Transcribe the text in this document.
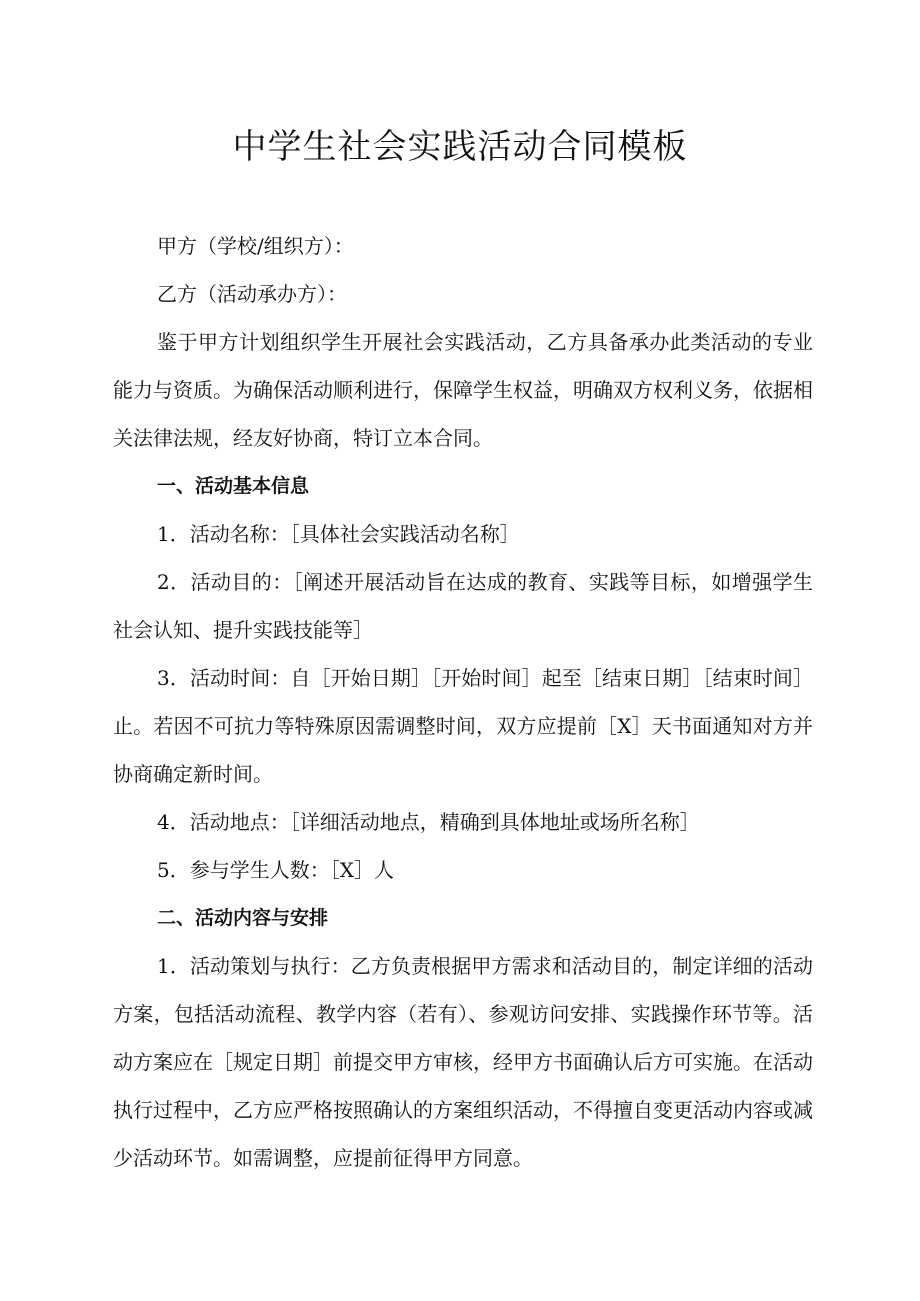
中学生社会实践活动合同模板

甲方（学校/组织方）：

乙方（活动承办方）：

鉴于甲方计划组织学生开展社会实践活动，乙方具备承办此类活动的专业能力与资质。为确保活动顺利进行，保障学生权益，明确双方权利义务，依据相关法律法规，经友好协商，特订立本合同。

一、活动基本信息

1．活动名称：［具体社会实践活动名称］

2．活动目的：［阐述开展活动旨在达成的教育、实践等目标，如增强学生社会认知、提升实践技能等］

3．活动时间：自［开始日期］［开始时间］起至［结束日期］［结束时间］止。若因不可抗力等特殊原因需调整时间，双方应提前［X］天书面通知对方并协商确定新时间。

4．活动地点：［详细活动地点，精确到具体地址或场所名称］

5．参与学生人数：［X］人

二、活动内容与安排

1．活动策划与执行：乙方负责根据甲方需求和活动目的，制定详细的活动方案，包括活动流程、教学内容（若有）、参观访问安排、实践操作环节等。活动方案应在［规定日期］前提交甲方审核，经甲方书面确认后方可实施。在活动执行过程中，乙方应严格按照确认的方案组织活动，不得擅自变更活动内容或减少活动环节。如需调整，应提前征得甲方同意。
